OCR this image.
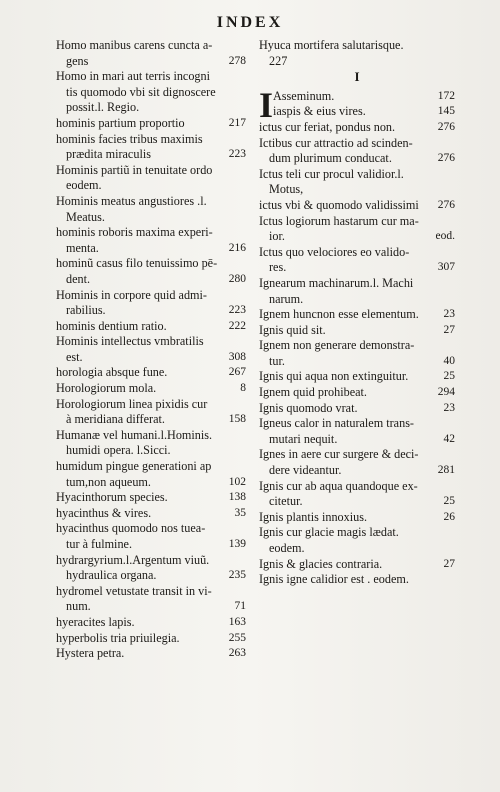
INDEX
Homo manibus carens cuncta a-
gens	278
Homo in mari aut terris incogni
tis quomodo vbi sit dignoscere
possit.l. Regio.
hominis partium proportio	217
hominis facies tribus maximis
prædita miraculis	223
Hominis partiũ in tenuitate ordo
eodem.
Hominis meatus angustiores .l.
Meatus.
hominis roboris maxima experi-
menta.	216
hominũ casus filo tenuissimo pē-
dent.	280
Hominis in corpore quid admi-
rabilius.	223
hominis dentium ratio.	222
Hominis intellectus vmbratilis
est.	308
horologia absque fune.	267
Horologiorum mola.	8
Horologiorum linea pixidis cur
à meridiana differat.	158
Humanæ vel humani.l.Hominis.
humidi opera. l.Sicci.
humidum pingue generationi ap
tum,non aqueum.	102
Hyacinthorum species.	138
hyacinthus & vires.	35
hyacinthus quomodo nos tuea-
tur à fulmine.	139
hydrargyrium.l.Argentum viuũ.
hydraulica organa.	235
hydromel vetustate transit in vi-
num.	71
hyeracites lapis.	163
hyperbolis tria priuilegia.	255
Hystera petra.	263
Hyuca mortifera salutarisque.
227
I
I Asseminum.	172
iaspis & eius vires.	145
ictus cur feriat, pondus non.	276
Ictibus cur attractio ad scinden-
dum plurimum conducat.	276
Ictus teli cur procul validior.l.
Motus,
ictus vbi & quomodo validissimi	276
Ictus logiorum hastarum cur ma-
ior.	eod.
Ictus quo velociores eo valido-
res.	307
Ignearum machinarum.l. Machi
narum.
Ignem huncnon esse elementum.	23
Ignis quid sit.	27
Ignem non generare demonstra-
tur.	40
Ignis qui aqua non extinguitur.	25
Ignem quid prohibeat.	294
Ignis quomodo vrat.	23
Igneus calor in naturalem trans-
mutari nequit.	42
Ignes in aere cur surgere & deci-
dere videantur.	281
Ignis cur ab aqua quandoque ex-
citetur.	25
Ignis plantis innoxius.	26
Ignis cur glacie magis lædat.
eodem.
Ignis & glacies contraria.	27
Ignis igne calidior est . eodem.
